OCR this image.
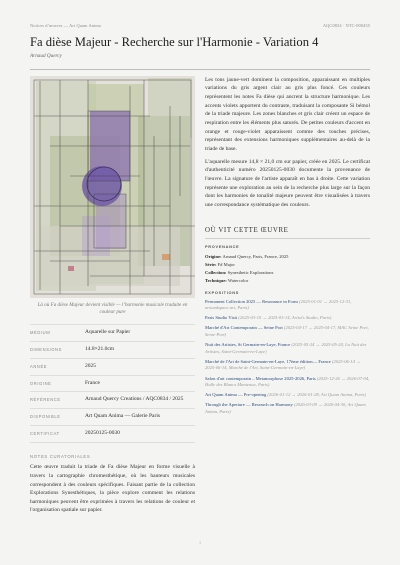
Notices d’œuvres — Art Quam Anima	AQC0834 · NTC-000435
Fa dièse Majeur - Recherche sur l'Harmonie - Variation 4
Arnaud Quercy
Là où Fa dièse Majeur devient visible — l’harmonie musicale traduite en couleur pure
MÉDIUM	Aquarelle sur Papier
DIMENSIONS	14.8×21.0cm
ANNÉE	2025
ORIGINE	France
RÉFÉRENCE	Arnaud Quercy Creations / AQC0834 / 2025
DISPONIBLE	Art Quam Anima — Galerie Paris
CERTIFICAT	20250125-0030
NOTES CURATORIALES

Cette œuvre traduit la triade de Fa dièse Majeur en forme visuelle à travers la cartographie chromesthétique, où les hauteurs musicales correspondent à des couleurs spécifiques. Faisant partie de la collection Explorations Synesthétiques, la pièce explore comment les relations harmoniques peuvent être exprimées à travers les relations de couleur et l'organisation spatiale sur papier.

Les tons jaune-vert dominent la composition, apparaissant en multiples variations du gris argent clair au gris plus foncé. Ces couleurs représentent les notes Fa dièse qui ancrent la structure harmonique. Les accents violets apportent du contraste, traduisant la composante Si bémol de la triade majeure. Les zones blanches et gris clair créent un espace de respiration entre les éléments plus saturés. De petites couleurs d'accent en orange et rouge-violet apparaissent comme des touches précises, représentant des extensions harmoniques supplémentaires au-delà de la triade de base.

L'aquarelle mesure 14,8 × 21,0 cm sur papier, créée en 2025. Le certificat d'authenticité numéro 20250125-0030 documente la provenance de l'œuvre. La signature de l'artiste apparaît en bas à droite. Cette variation représente une exploration au sein de la recherche plus large sur la façon dont les harmonies de tonalité majeure peuvent être visualisées à travers une correspondance systématique des couleurs.

OÙ VIT CETTE ŒUVRE
PROVENANCE
Origine: Arnaud Quercy, Paris, France, 2025
Série: F# Major
Collection: Synesthetic Explorations
Technique: Watercolor
EXPOSITIONS
Permanent Collection 2025 — Resonance in Form (2025-01-01 → 2025-12-31, aroundspace.art, Paris)
Paris Studio Visit (2025-03-10 → 2025-03-14, Artist's Studio, Paris)
Marché d'Art Contemporain — Seine Port (2025-04-17 → 2025-04-17, MAC Seine Port, Seine-Port)
Nuit des Artistes, St Germain-en-Laye, France (2025-05-24 → 2025-05-24, La Nuit des Artistes, Saint-Germain-en-Laye)
Marché de l'Art de Saint-Germain-en-Laye, 17ème édition— France (2025-06-14 → 2025-06-14, Marché de l'Art, Saint-Germain-en-Laye)
Salon d'art contemporain – Metamorphose 2025-2026, Paris (2025-12-26 → 2026-07-04, Halle des Blancs Manteaux, Paris)
Art Quam Anima — Pre-opening (2026-01-12 → 2026-01-28, Art Quam Anima, Paris)
Through the Aperture — Research on Harmony (2026-03-09 → 2026-04-30, Art Quam Anima, Paris)
1
